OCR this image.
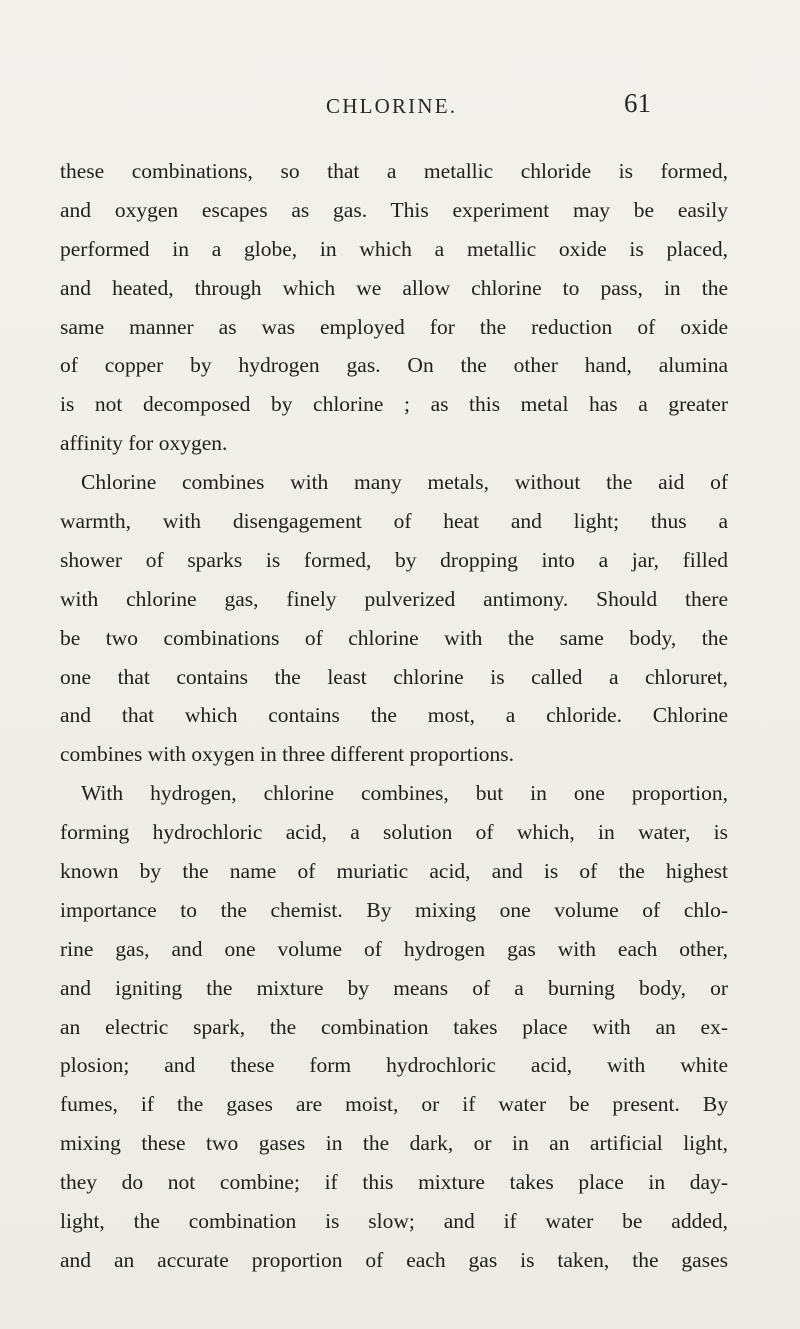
CHLORINE.	61
these combinations, so that a metallic chloride is formed,
and oxygen escapes as gas. This experiment may be easily
performed in a globe, in which a metallic oxide is placed,
and heated, through which we allow chlorine to pass, in the
same manner as was employed for the reduction of oxide
of copper by hydrogen gas. On the other hand, alumina
is not decomposed by chlorine ; as this metal has a greater
affinity for oxygen.
Chlorine combines with many metals, without the aid of
warmth, with disengagement of heat and light; thus a
shower of sparks is formed, by dropping into a jar, filled
with chlorine gas, finely pulverized antimony. Should there
be two combinations of chlorine with the same body, the
one that contains the least chlorine is called a chloruret,
and that which contains the most, a chloride. Chlorine
combines with oxygen in three different proportions.
With hydrogen, chlorine combines, but in one proportion,
forming hydrochloric acid, a solution of which, in water, is
known by the name of muriatic acid, and is of the highest
importance to the chemist. By mixing one volume of chlo-
rine gas, and one volume of hydrogen gas with each other,
and igniting the mixture by means of a burning body, or
an electric spark, the combination takes place with an ex-
plosion; and these form hydrochloric acid, with white
fumes, if the gases are moist, or if water be present. By
mixing these two gases in the dark, or in an artificial light,
they do not combine; if this mixture takes place in day-
light, the combination is slow; and if water be added,
and an accurate proportion of each gas is taken, the gases
